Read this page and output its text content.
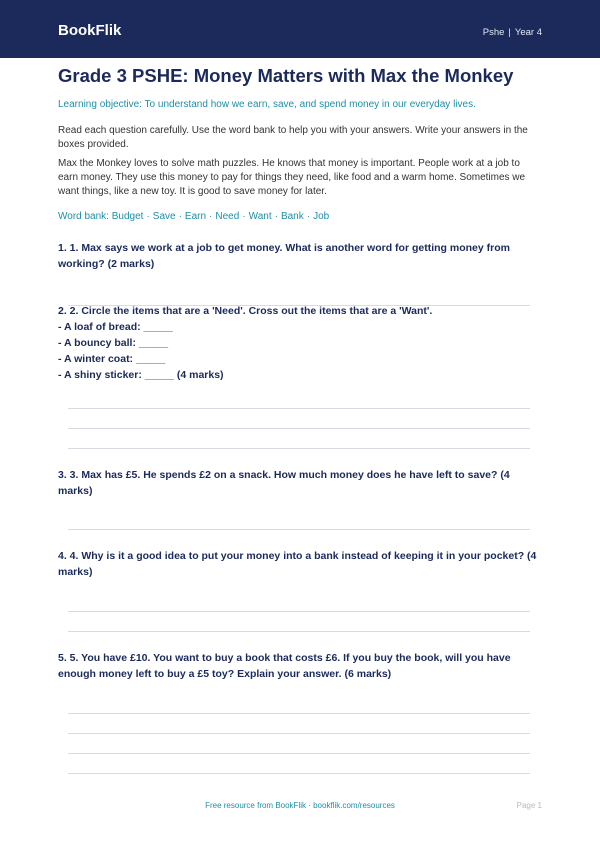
BookFlik	Pshe | Year 4
Grade 3 PSHE: Money Matters with Max the Monkey
Learning objective: To understand how we earn, save, and spend money in our everyday lives.
Read each question carefully. Use the word bank to help you with your answers. Write your answers in the boxes provided.
Max the Monkey loves to solve math puzzles. He knows that money is important. People work at a job to earn money. They use this money to pay for things they need, like food and a warm home. Sometimes we want things, like a new toy. It is good to save money for later.
Word bank: Budget · Save · Earn · Need · Want · Bank · Job
1. 1. Max says we work at a job to get money. What is another word for getting money from working? (2 marks)
2. 2. Circle the items that are a 'Need'. Cross out the items that are a 'Want'.
- A loaf of bread: _____
- A bouncy ball: _____
- A winter coat: _____
- A shiny sticker: _____ (4 marks)
3. 3. Max has £5. He spends £2 on a snack. How much money does he have left to save? (4 marks)
4. 4. Why is it a good idea to put your money into a bank instead of keeping it in your pocket? (4 marks)
5. 5. You have £10. You want to buy a book that costs £6. If you buy the book, will you have enough money left to buy a £5 toy? Explain your answer. (6 marks)
Free resource from BookFlik · bookflik.com/resources	Page 1
